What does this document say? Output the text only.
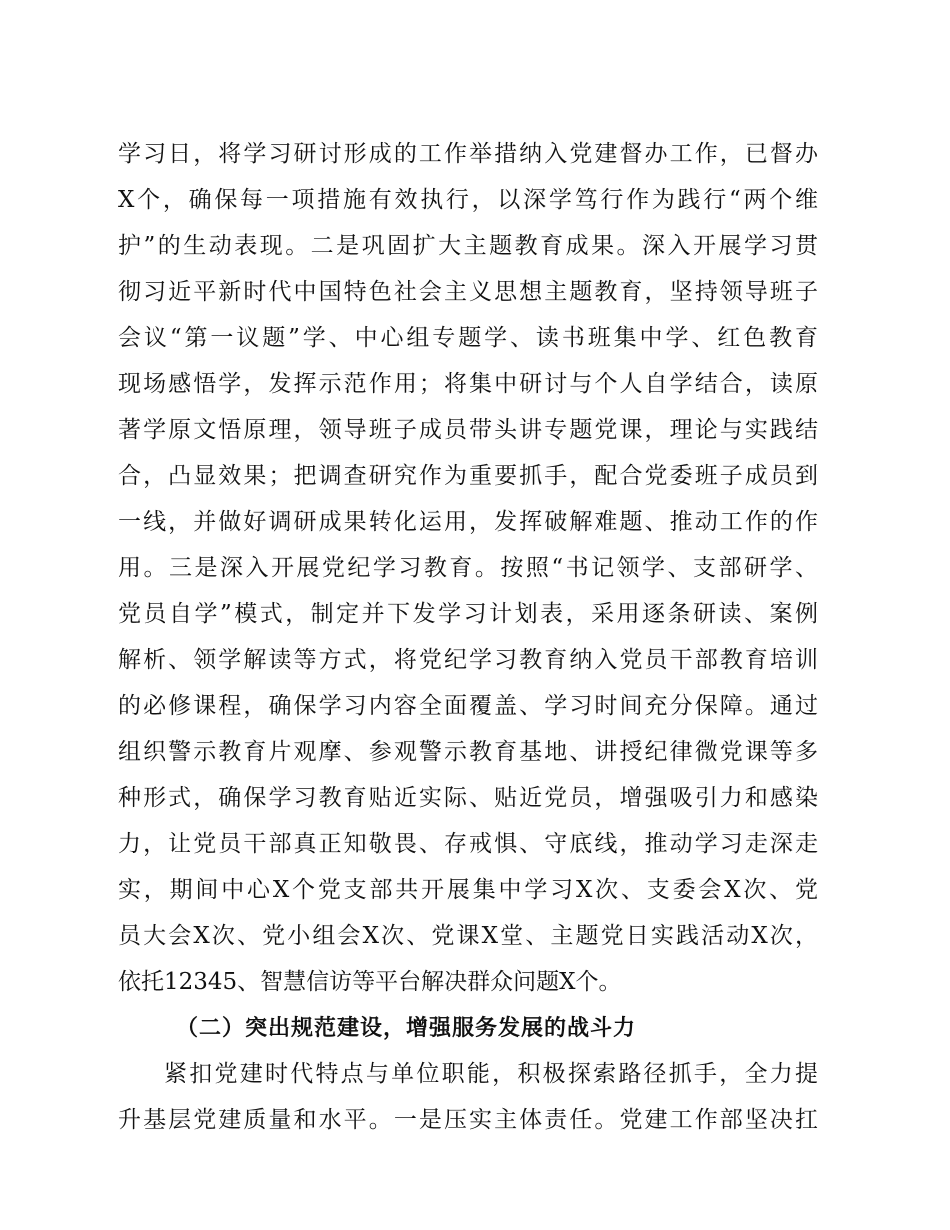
学习日，将学习研讨形成的工作举措纳入党建督办工作，已督办
X个，确保每一项措施有效执行，以深学笃行作为践行“两个维
护”的生动表现。二是巩固扩大主题教育成果。深入开展学习贯
彻习近平新时代中国特色社会主义思想主题教育，坚持领导班子
会议“第一议题”学、中心组专题学、读书班集中学、红色教育
现场感悟学，发挥示范作用；将集中研讨与个人自学结合，读原
著学原文悟原理，领导班子成员带头讲专题党课，理论与实践结
合，凸显效果；把调查研究作为重要抓手，配合党委班子成员到
一线，并做好调研成果转化运用，发挥破解难题、推动工作的作
用。三是深入开展党纪学习教育。按照“书记领学、支部研学、
党员自学”模式，制定并下发学习计划表，采用逐条研读、案例
解析、领学解读等方式，将党纪学习教育纳入党员干部教育培训
的必修课程，确保学习内容全面覆盖、学习时间充分保障。通过
组织警示教育片观摩、参观警示教育基地、讲授纪律微党课等多
种形式，确保学习教育贴近实际、贴近党员，增强吸引力和感染
力，让党员干部真正知敬畏、存戒惧、守底线，推动学习走深走
实，期间中心X个党支部共开展集中学习X次、支委会X次、党
员大会X次、党小组会X次、党课X堂、主题党日实践活动X次，
依托12345、智慧信访等平台解决群众问题X个。
（二）突出规范建设，增强服务发展的战斗力
紧扣党建时代特点与单位职能，积极探索路径抓手，全力提
升基层党建质量和水平。一是压实主体责任。党建工作部坚决扛
